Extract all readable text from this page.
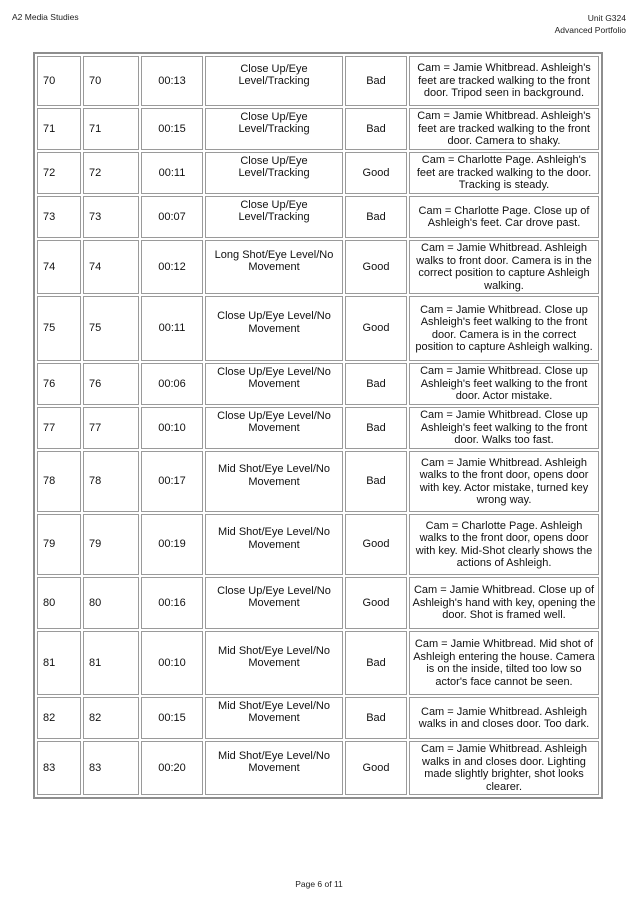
A2 Media Studies	Unit G324
Advanced Portfolio
70	70	00:13	Close Up/Eye Level/Tracking	Bad	Cam = Jamie Whitbread. Ashleigh's feet are tracked walking to the front door. Tripod seen in background.
71	71	00:15	Close Up/Eye Level/Tracking	Bad	Cam = Jamie Whitbread. Ashleigh's feet are tracked walking to the front door. Camera to shaky.
72	72	00:11	Close Up/Eye Level/Tracking	Good	Cam = Charlotte Page. Ashleigh's feet are tracked walking to the door. Tracking is steady.
73	73	00:07	Close Up/Eye Level/Tracking	Bad	Cam = Charlotte Page. Close up of Ashleigh's feet. Car drove past.
74	74	00:12	Long Shot/Eye Level/No Movement	Good	Cam = Jamie Whitbread. Ashleigh walks to front door. Camera is in the correct position to capture Ashleigh walking.
75	75	00:11	Close Up/Eye Level/No Movement	Good	Cam = Jamie Whitbread. Close up Ashleigh's feet walking to the front door. Camera is in the correct position to capture Ashleigh walking.
76	76	00:06	Close Up/Eye Level/No Movement	Bad	Cam = Jamie Whitbread. Close up Ashleigh's feet walking to the front door. Actor mistake.
77	77	00:10	Close Up/Eye Level/No Movement	Bad	Cam = Jamie Whitbread. Close up Ashleigh's feet walking to the front door. Walks too fast.
78	78	00:17	Mid Shot/Eye Level/No Movement	Bad	Cam = Jamie Whitbread. Ashleigh walks to the front door, opens door with key. Actor mistake, turned key wrong way.
79	79	00:19	Mid Shot/Eye Level/No Movement	Good	Cam = Charlotte Page. Ashleigh walks to the front door, opens door with key. Mid-Shot clearly shows the actions of Ashleigh.
80	80	00:16	Close Up/Eye Level/No Movement	Good	Cam = Jamie Whitbread. Close up of Ashleigh's hand with key, opening the door. Shot is framed well.
81	81	00:10	Mid Shot/Eye Level/No Movement	Bad	Cam = Jamie Whitbread. Mid shot of Ashleigh entering the house. Camera is on the inside, tilted too low so actor's face cannot be seen.
82	82	00:15	Mid Shot/Eye Level/No Movement	Bad	Cam = Jamie Whitbread. Ashleigh walks in and closes door. Too dark.
83	83	00:20	Mid Shot/Eye Level/No Movement	Good	Cam = Jamie Whitbread. Ashleigh walks in and closes door. Lighting made slightly brighter, shot looks clearer.
Page 6 of 11
